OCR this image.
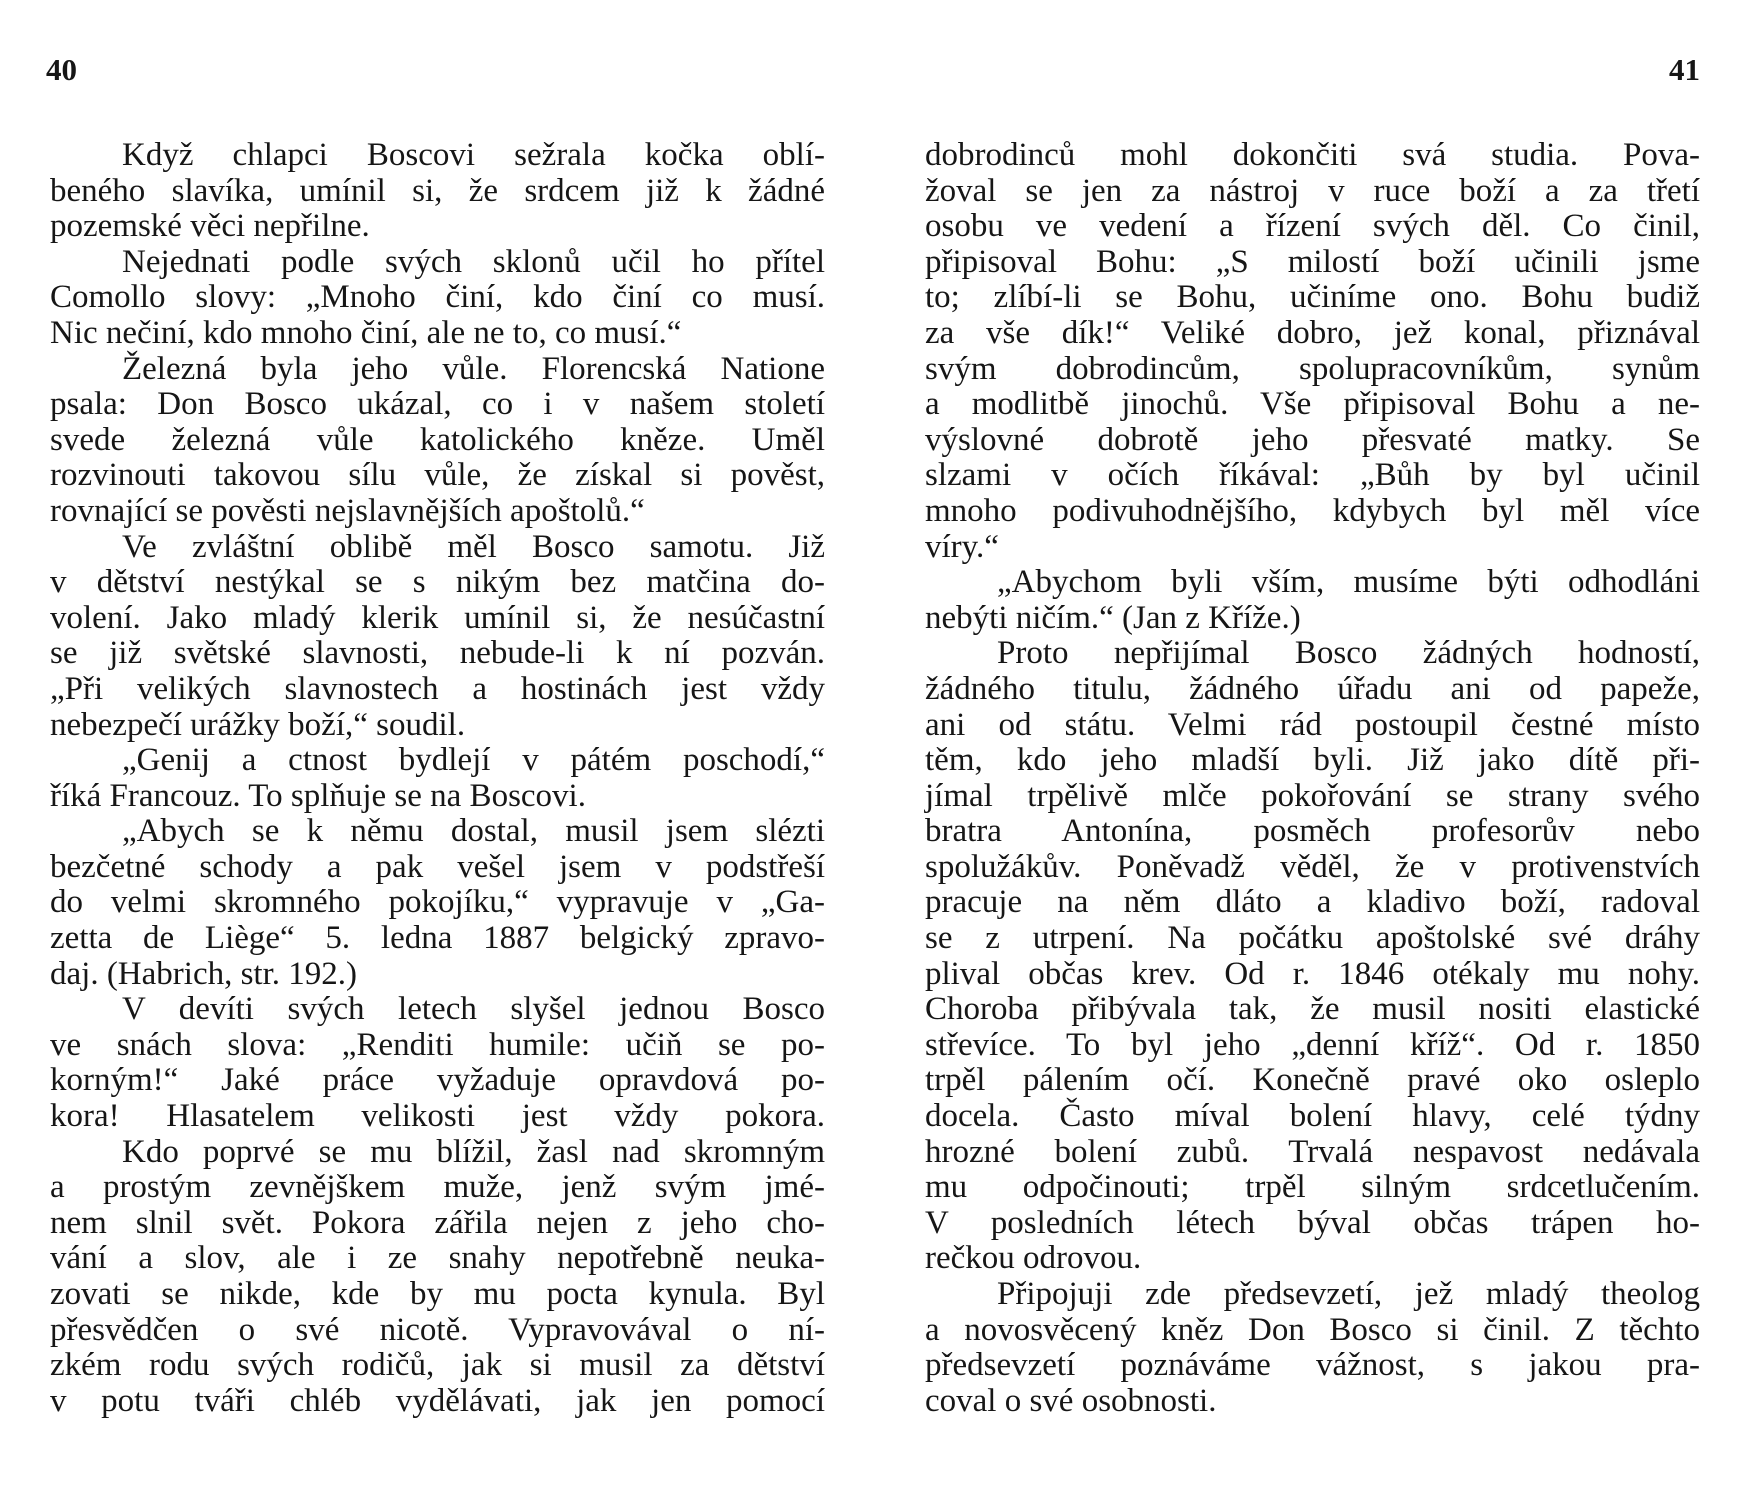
40	41

Když chlapci Boscovi sežrala kočka oblí-
beného slavíka, umínil si, že srdcem již k žádné
pozemské věci nepřilne.
Nejednati podle svých sklonů učil ho přítel
Comollo slovy: „Mnoho činí, kdo činí co musí.
Nic nečiní, kdo mnoho činí, ale ne to, co musí.“
Železná byla jeho vůle. Florencská Natione
psala: Don Bosco ukázal, co i v našem století
svede železná vůle katolického kněze. Uměl
rozvinouti takovou sílu vůle, že získal si pověst,
rovnající se pověsti nejslavnějších apoštolů.“
Ve zvláštní oblibě měl Bosco samotu. Již
v dětství nestýkal se s nikým bez matčina do-
volení. Jako mladý klerik umínil si, že nesúčastní
se již světské slavnosti, nebude-li k ní pozván.
„Při velikých slavnostech a hostinách jest vždy
nebezpečí urážky boží,“ soudil.
„Genij a ctnost bydlejí v pátém poschodí,“
říká Francouz. To splňuje se na Boscovi.
„Abych se k němu dostal, musil jsem slézti
bezčetné schody a pak vešel jsem v podstřeší
do velmi skromného pokojíku,“ vypravuje v „Ga-
zetta de Liège“ 5. ledna 1887 belgický zpravo-
daj. (Habrich, str. 192.)
V devíti svých letech slyšel jednou Bosco
ve snách slova: „Renditi humile: učiň se po-
korným!“ Jaké práce vyžaduje opravdová po-
kora! Hlasatelem velikosti jest vždy pokora.
Kdo poprvé se mu blížil, žasl nad skromným
a prostým zevnějškem muže, jenž svým jmé-
nem slnil svět. Pokora zářila nejen z jeho cho-
vání a slov, ale i ze snahy nepotřebně neuka-
zovati se nikde, kde by mu pocta kynula. Byl
přesvědčen o své nicotě. Vypravovával o ní-
zkém rodu svých rodičů, jak si musil za dětství
v potu tváři chléb vydělávati, jak jen pomocí
dobrodinců mohl dokončiti svá studia. Pova-
žoval se jen za nástroj v ruce boží a za třetí
osobu ve vedení a řízení svých děl. Co činil,
připisoval Bohu: „S milostí boží učinili jsme
to; zlíbí-li se Bohu, učiníme ono. Bohu budiž
za vše dík!“ Veliké dobro, jež konal, přiznával
svým dobrodincům, spolupracovníkům, synům
a modlitbě jinochů. Vše připisoval Bohu a ne-
výslovné dobrotě jeho přesvaté matky. Se
slzami v očích říkával: „Bůh by byl učinil
mnoho podivuhodnějšího, kdybych byl měl více
víry.“
„Abychom byli vším, musíme býti odhodláni
nebýti ničím.“ (Jan z Kříže.)
Proto nepřijímal Bosco žádných hodností,
žádného titulu, žádného úřadu ani od papeže,
ani od státu. Velmi rád postoupil čestné místo
těm, kdo jeho mladší byli. Již jako dítě při-
jímal trpělivě mlče pokořování se strany svého
bratra Antonína, posměch profesorův nebo
spolužákův. Poněvadž věděl, že v protivenstvích
pracuje na něm dláto a kladivo boží, radoval
se z utrpení. Na počátku apoštolské své dráhy
plival občas krev. Od r. 1846 otékaly mu nohy.
Choroba přibývala tak, že musil nositi elastické
střevíce. To byl jeho „denní kříž“. Od r. 1850
trpěl pálením očí. Konečně pravé oko osleplo
docela. Často míval bolení hlavy, celé týdny
hrozné bolení zubů. Trvalá nespavost nedávala
mu odpočinouti; trpěl silným srdcetlučením.
V posledních létech býval občas trápen ho-
rečkou odrovou.
Připojuji zde předsevzetí, jež mladý theolog
a novosvěcený kněz Don Bosco si činil. Z těchto
předsevzetí poznáváme vážnost, s jakou pra-
coval o své osobnosti.
